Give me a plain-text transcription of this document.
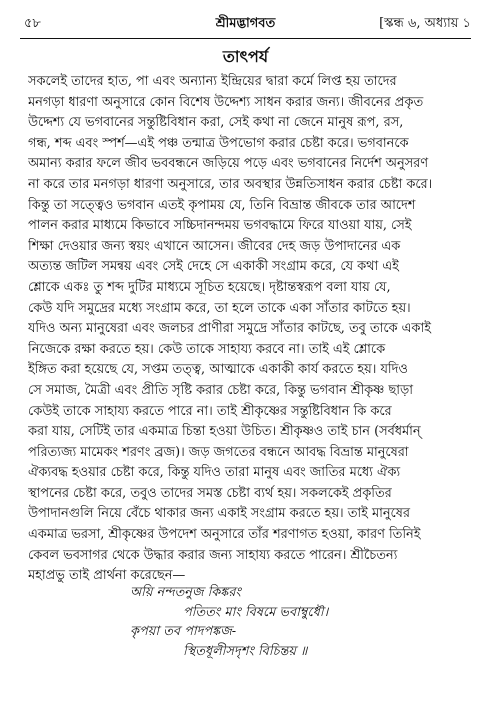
৫৮	শ্রীমদ্ভাগবত	[স্কন্ধ ৬, অধ্যায় ১
তাৎপর্য
সকলেই তাদের হাত, পা এবং অন্যান্য ইন্দ্রিয়ের দ্বারা কর্মে লিপ্ত হয় তাদের
মনগড়া ধারণা অনুসারে কোন বিশেষ উদ্দেশ্য সাধন করার জন্য। জীবনের প্রকৃত
উদ্দেশ্য যে ভগবানের সন্তুষ্টিবিধান করা, সেই কথা না জেনে মানুষ রূপ, রস,
গন্ধ, শব্দ এবং স্পর্শ—এই পঞ্চ তন্মাত্র উপভোগ করার চেষ্টা করে। ভগবানকে
অমান্য করার ফলে জীব ভববন্ধনে জড়িয়ে পড়ে এবং ভগবানের নির্দেশ অনুসরণ
না করে তার মনগড়া ধারণা অনুসারে, তার অবস্থার উন্নতিসাধন করার চেষ্টা করে।
কিন্তু তা সত্ত্বেও ভগবান এতই কৃপাময় যে, তিনি বিভ্রান্ত জীবকে তার আদেশ
পালন করার মাধ্যমে কিভাবে সচ্চিদানন্দময় ভগবদ্ধামে ফিরে যাওয়া যায়, সেই
শিক্ষা দেওয়ার জন্য স্বয়ং এখানে আসেন। জীবের দেহ জড় উপাদানের এক
অত্যন্ত জটিল সমন্বয় এবং সেই দেহে সে একাকী সংগ্রাম করে, যে কথা এই
শ্লোকে একঃ তু শব্দ দুটির মাধ্যমে সূচিত হয়েছে। দৃষ্টান্তস্বরূপ বলা যায় যে,
কেউ যদি সমুদ্রের মধ্যে সংগ্রাম করে, তা হলে তাকে একা সাঁতার কাটতে হয়।
যদিও অন্য মানুষেরা এবং জলচর প্রাণীরা সমুদ্রে সাঁতার কাটছে, তবু তাকে একাই
নিজেকে রক্ষা করতে হয়। কেউ তাকে সাহায্য করবে না। তাই এই শ্লোকে
ইঙ্গিত করা হয়েছে যে, সপ্তম তত্ত্ব, আত্মাকে একাকী কার্য করতে হয়। যদিও
সে সমাজ, মৈত্রী এবং প্রীতি সৃষ্টি করার চেষ্টা করে, কিন্তু ভগবান শ্রীকৃষ্ণ ছাড়া
কেউই তাকে সাহায্য করতে পারে না। তাই শ্রীকৃষ্ণের সন্তুষ্টিবিধান কি করে
করা যায়, সেটিই তার একমাত্র চিন্তা হওয়া উচিত। শ্রীকৃষ্ণও তাই চান (সর্বধর্মান্
পরিত্যজ্য মামেকং শরণং ব্রজ)। জড় জগতের বন্ধনে আবদ্ধ বিভ্রান্ত মানুষেরা
ঐক্যবদ্ধ হওয়ার চেষ্টা করে, কিন্তু যদিও তারা মানুষ এবং জাতির মধ্যে ঐক্য
স্থাপনের চেষ্টা করে, তবুও তাদের সমস্ত চেষ্টা ব্যর্থ হয়। সকলকেই প্রকৃতির
উপাদানগুলি নিয়ে বেঁচে থাকার জন্য একাই সংগ্রাম করতে হয়। তাই মানুষের
একমাত্র ভরসা, শ্রীকৃষ্ণের উপদেশ অনুসারে তাঁর শরণাগত হওয়া, কারণ তিনিই
কেবল ভবসাগর থেকে উদ্ধার করার জন্য সাহায্য করতে পারেন। শ্রীচৈতন্য
মহাপ্রভু তাই প্রার্থনা করেছেন—
অয়ি নন্দতনুজ কিঙ্করং
পতিতং মাং বিষমে ভবাম্বুধৌ।
কৃপয়া তব পাদপঙ্কজ-
স্থিতধূলীসদৃশং বিচিন্তয় ॥
